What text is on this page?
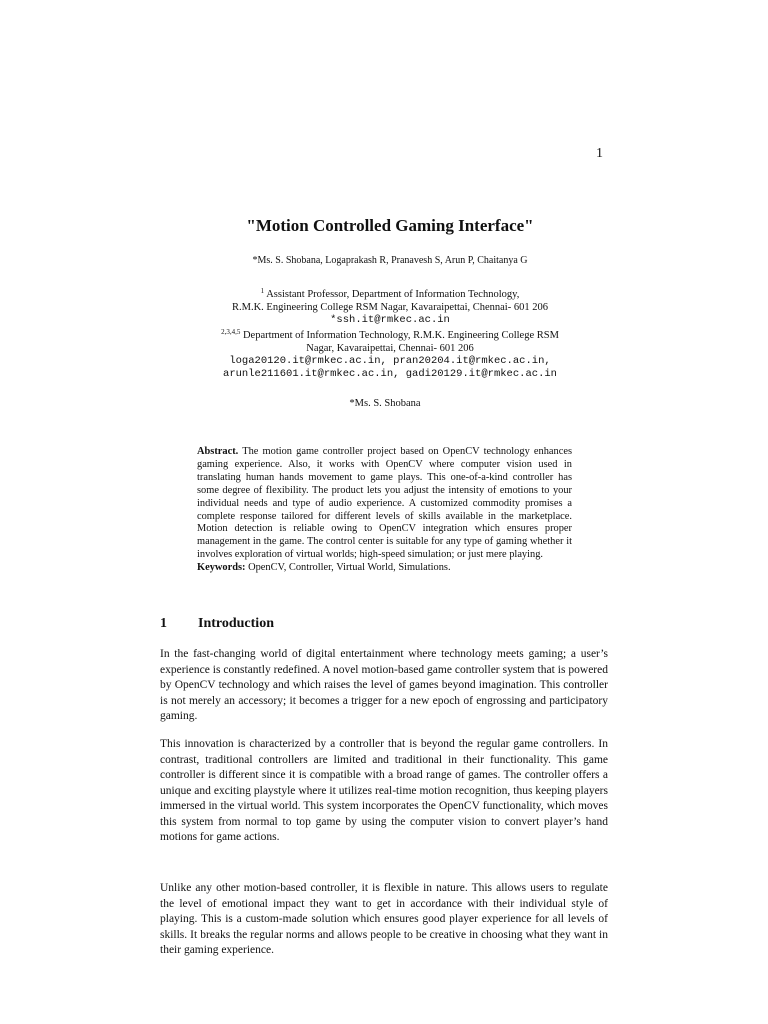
1
"Motion Controlled Gaming Interface"
*Ms. S. Shobana, Logaprakash R, Pranavesh S, Arun P, Chaitanya G
$^1$ Assistant Professor, Department of Information Technology,
R.M.K. Engineering College RSM Nagar, Kavaraipettai, Chennai- 601 206
*ssh.it@rmkec.ac.in
$^{2,3,4,5}$ Department of Information Technology, R.M.K. Engineering College RSM
Nagar, Kavaraipettai, Chennai- 601 206
loga20120.it@rmkec.ac.in, pran20204.it@rmkec.ac.in,
arunle211601.it@rmkec.ac.in, gadi20129.it@rmkec.ac.in
*Ms. S. Shobana
Abstract. The motion game controller project based on OpenCV technology enhances gaming experience. Also, it works with OpenCV where computer vision used in translating human hands movement to game plays. This one-of-a-kind controller has some degree of flexibility. The product lets you adjust the intensity of emotions to your individual needs and type of audio experience. A customized commodity promises a complete response tailored for different levels of skills available in the marketplace. Motion detection is reliable owing to OpenCV integration which ensures proper management in the game. The control center is suitable for any type of gaming whether it involves exploration of virtual worlds; high-speed simulation; or just mere playing.
Keywords: OpenCV, Controller, Virtual World, Simulations.
1 Introduction
In the fast-changing world of digital entertainment where technology meets gaming; a user’s experience is constantly redefined. A novel motion-based game controller system that is powered by OpenCV technology and which raises the level of games beyond imagination. This controller is not merely an accessory; it becomes a trigger for a new epoch of engrossing and participatory gaming.
This innovation is characterized by a controller that is beyond the regular game controllers. In contrast, traditional controllers are limited and traditional in their functionality. This game controller is different since it is compatible with a broad range of games. The controller offers a unique and exciting playstyle where it utilizes real-time motion recognition, thus keeping players immersed in the virtual world. This system incorporates the OpenCV functionality, which moves this system from normal to top game by using the computer vision to convert player’s hand motions for game actions.
Unlike any other motion-based controller, it is flexible in nature. This allows users to regulate the level of emotional impact they want to get in accordance with their individual style of playing. This is a custom-made solution which ensures good player experience for all levels of skills. It breaks the regular norms and allows people to be creative in choosing what they want in their gaming experience.
